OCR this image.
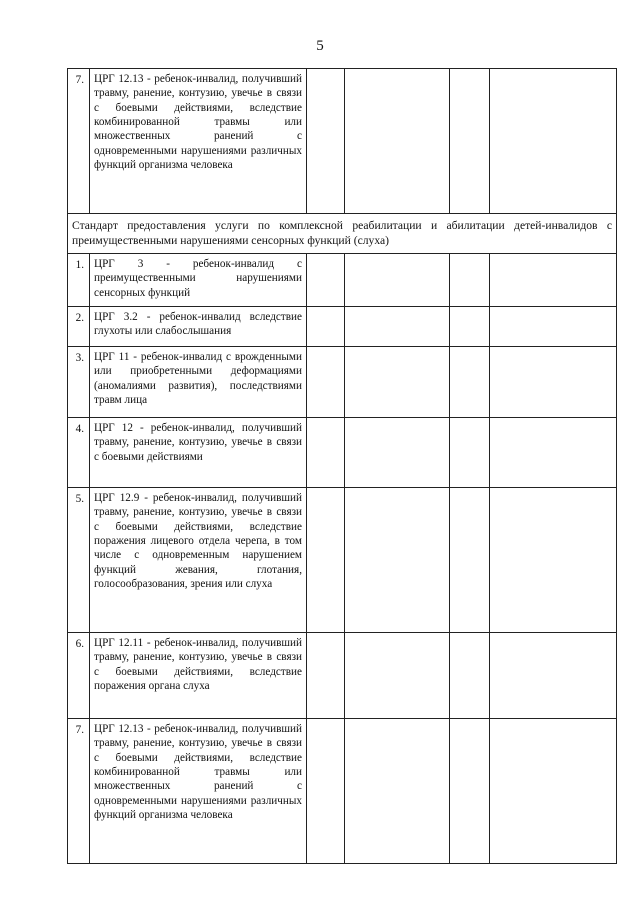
5
7.	ЦРГ 12.13 - ребенок-инвалид, получивший травму, ранение, контузию, увечье в связи с боевыми действиями, вследствие комбинированной травмы или множественных ранений с одновременными нарушениями различных функций организма человека				

Стандарт предоставления услуги по комплексной реабилитации и абилитации детей-инвалидов с преимущественными нарушениями сенсорных функций (слуха)					

1.	ЦРГ 3 - ребенок-инвалид с преимущественными нарушениями сенсорных функций				

2.	ЦРГ 3.2 - ребенок-инвалид вследствие глухоты или слабослышания				

3.	ЦРГ 11 - ребенок-инвалид с врожденными или приобретенными деформациями (аномалиями развития), последствиями травм лица				

4.	ЦРГ 12 - ребенок-инвалид, получивший травму, ранение, контузию, увечье в связи с боевыми действиями				

5.	ЦРГ 12.9 - ребенок-инвалид, получивший травму, ранение, контузию, увечье в связи с боевыми действиями, вследствие поражения лицевого отдела черепа, в том числе с одновременным нарушением функций жевания, глотания, голосообразования, зрения или слуха				

6.	ЦРГ 12.11 - ребенок-инвалид, получивший травму, ранение, контузию, увечье в связи с боевыми действиями, вследствие поражения органа слуха				

7.	ЦРГ 12.13 - ребенок-инвалид, получивший травму, ранение, контузию, увечье в связи с боевыми действиями, вследствие комбинированной травмы или множественных ранений с одновременными нарушениями различных функций организма человека				
